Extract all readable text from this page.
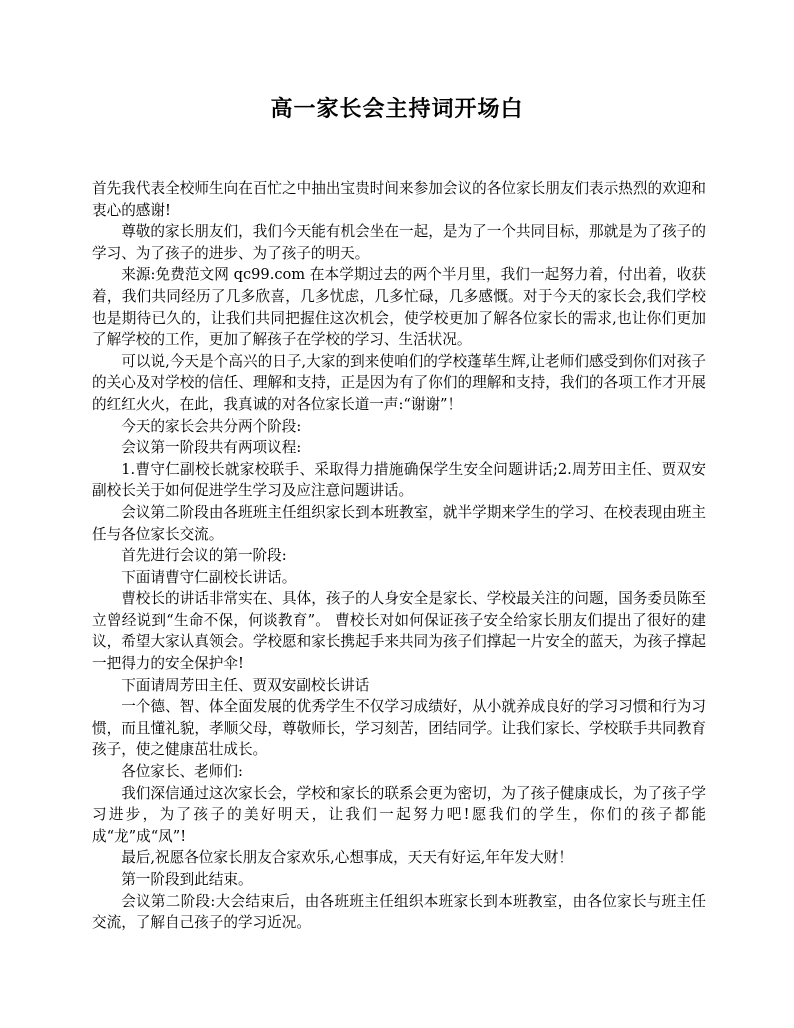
高一家长会主持词开场白

首先我代表全校师生向在百忙之中抽出宝贵时间来参加会议的各位家长朋友们表示热烈的欢迎和衷心的感谢!

尊敬的家长朋友们，我们今天能有机会坐在一起，是为了一个共同目标，那就是为了孩子的学习、为了孩子的进步、为了孩子的明天。

来源:免费范文网 qc99.com 在本学期过去的两个半月里，我们一起努力着，付出着，收获着，我们共同经历了几多欣喜，几多忧虑，几多忙碌，几多感慨。对于今天的家长会,我们学校也是期待已久的，让我们共同把握住这次机会，使学校更加了解各位家长的需求,也让你们更加了解学校的工作，更加了解孩子在学校的学习、生活状况。

可以说,今天是个高兴的日子,大家的到来使咱们的学校蓬荜生辉,让老师们感受到你们对孩子的关心及对学校的信任、理解和支持，正是因为有了你们的理解和支持，我们的各项工作才开展的红红火火，在此，我真诚的对各位家长道一声:“谢谢”！

今天的家长会共分两个阶段:

会议第一阶段共有两项议程:

1.曹守仁副校长就家校联手、采取得力措施确保学生安全问题讲话;2.周芳田主任、贾双安副校长关于如何促进学生学习及应注意问题讲话。

会议第二阶段由各班班主任组织家长到本班教室，就半学期来学生的学习、在校表现由班主任与各位家长交流。

首先进行会议的第一阶段:

下面请曹守仁副校长讲话。

曹校长的讲话非常实在、具体，孩子的人身安全是家长、学校最关注的问题，国务委员陈至立曾经说到“生命不保，何谈教育”。 曹校长对如何保证孩子安全给家长朋友们提出了很好的建议，希望大家认真领会。学校愿和家长携起手来共同为孩子们撑起一片安全的蓝天，为孩子撑起一把得力的安全保护伞!

下面请周芳田主任、贾双安副校长讲话

一个德、智、体全面发展的优秀学生不仅学习成绩好，从小就养成良好的学习习惯和行为习惯，而且懂礼貌，孝顺父母，尊敬师长，学习刻苦，团结同学。让我们家长、学校联手共同教育孩子，使之健康茁壮成长。

各位家长、老师们:

我们深信通过这次家长会，学校和家长的联系会更为密切，为了孩子健康成长，为了孩子学习进步，为了孩子的美好明天，让我们一起努力吧!愿我们的学生，你们的孩子都能成“龙”成“凤”!

最后,祝愿各位家长朋友合家欢乐,心想事成，天天有好运,年年发大财！

第一阶段到此结束。

会议第二阶段:大会结束后，由各班班主任组织本班家长到本班教室，由各位家长与班主任交流，了解自己孩子的学习近况。
